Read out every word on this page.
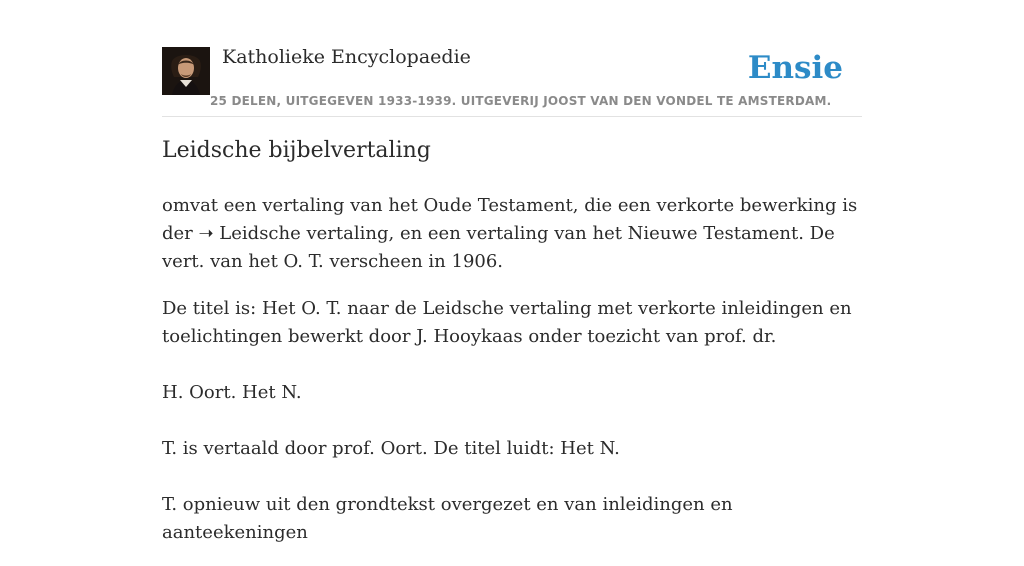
Katholieke Encyclopaedie
25 DELEN, UITGEGEVEN 1933-1939. UITGEVERIJ JOOST VAN DEN VONDEL TE AMSTERDAM.
Ensie
Leidsche bijbelvertaling

omvat een vertaling van het Oude Testament, die een verkorte bewerking is der ➝ Leidsche vertaling, en een vertaling van het Nieuwe Testament. De vert. van het O. T. verscheen in 1906.

De titel is: Het O. T. naar de Leidsche vertaling met verkorte inleidingen en toelichtingen bewerkt door J. Hooykaas onder toezicht van prof. dr.

H. Oort. Het N.

T. is vertaald door prof. Oort. De titel luidt: Het N.

T. opnieuw uit den grondtekst overgezet en van inleidingen en aanteekeningen
